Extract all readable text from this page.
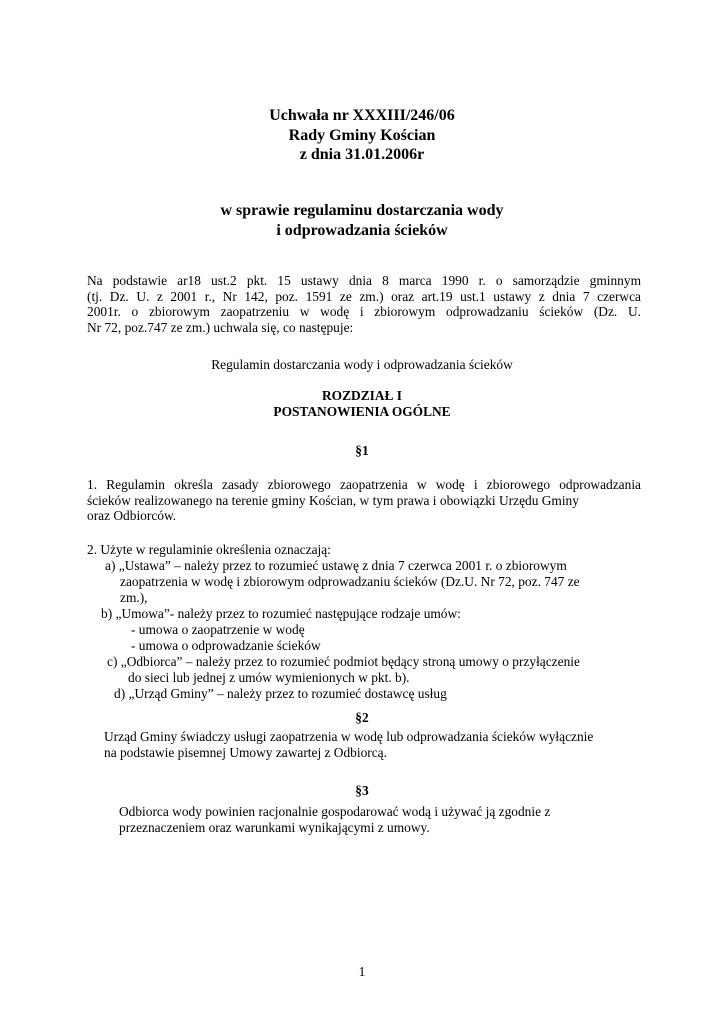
Uchwała nr XXXIII/246/06
Rady Gminy Kościan
z dnia 31.01.2006r
w sprawie regulaminu dostarczania wody
i odprowadzania ścieków
Na podstawie ar18 ust.2 pkt. 15 ustawy dnia 8 marca 1990 r. o samorządzie gminnym
(tj. Dz. U. z 2001 r., Nr 142, poz. 1591 ze zm.) oraz art.19 ust.1 ustawy z dnia 7 czerwca
2001r. o zbiorowym zaopatrzeniu w wodę i zbiorowym odprowadzaniu ścieków (Dz. U.
Nr 72, poz.747 ze zm.) uchwala się, co następuje:
Regulamin dostarczania wody i odprowadzania ścieków
ROZDZIAŁ I
POSTANOWIENIA OGÓLNE
§1
1. Regulamin określa zasady zbiorowego zaopatrzenia w wodę i zbiorowego odprowadzania
ścieków realizowanego na terenie gminy Kościan, w tym prawa i obowiązki Urzędu Gminy
oraz Odbiorców.
2. Użyte w regulaminie określenia oznaczają:
a) „Ustawa” – należy przez to rozumieć ustawę z dnia 7 czerwca 2001 r. o zbiorowym
zaopatrzenia w wodę i zbiorowym odprowadzaniu ścieków (Dz.U. Nr 72, poz. 747 ze
zm.),
b) „Umowa”- należy przez to rozumieć następujące rodzaje umów:
- umowa o zaopatrzenie w wodę
- umowa o odprowadzanie ścieków
c) „Odbiorca” – należy przez to rozumieć podmiot będący stroną umowy o przyłączenie
do sieci lub jednej z umów wymienionych w pkt. b).
d) „Urząd Gminy” – należy przez to rozumieć dostawcę usług
§2
Urząd Gminy świadczy usługi zaopatrzenia w wodę lub odprowadzania ścieków wyłącznie
na podstawie pisemnej Umowy zawartej z Odbiorcą.
§3
Odbiorca wody powinien racjonalnie gospodarować wodą i używać ją zgodnie z
przeznaczeniem oraz warunkami wynikającymi z umowy.
1
